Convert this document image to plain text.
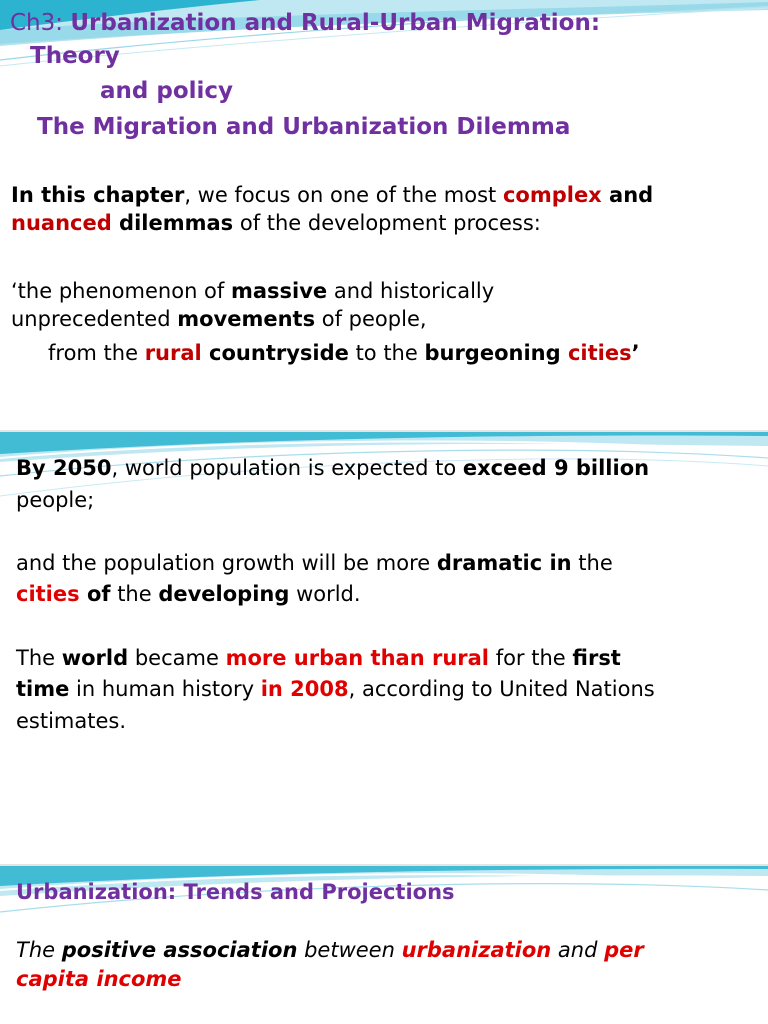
Ch3: Urbanization and Rural-Urban Migration:

Theory

and policy

The Migration and Urbanization Dilemma

In this chapter, we focus on one of the most complex and

nuanced dilemmas of the development process:

‘the phenomenon of massive and historically

unprecedented movements of people,

from the rural countryside to the burgeoning cities’

By 2050, world population is expected to exceed 9 billion

people;

and the population growth will be more dramatic in the

cities of the developing world.

The world became more urban than rural for the first

time in human history in 2008, according to United Nations

estimates.

Urbanization: Trends and Projections

The positive association between urbanization and per

capita income
